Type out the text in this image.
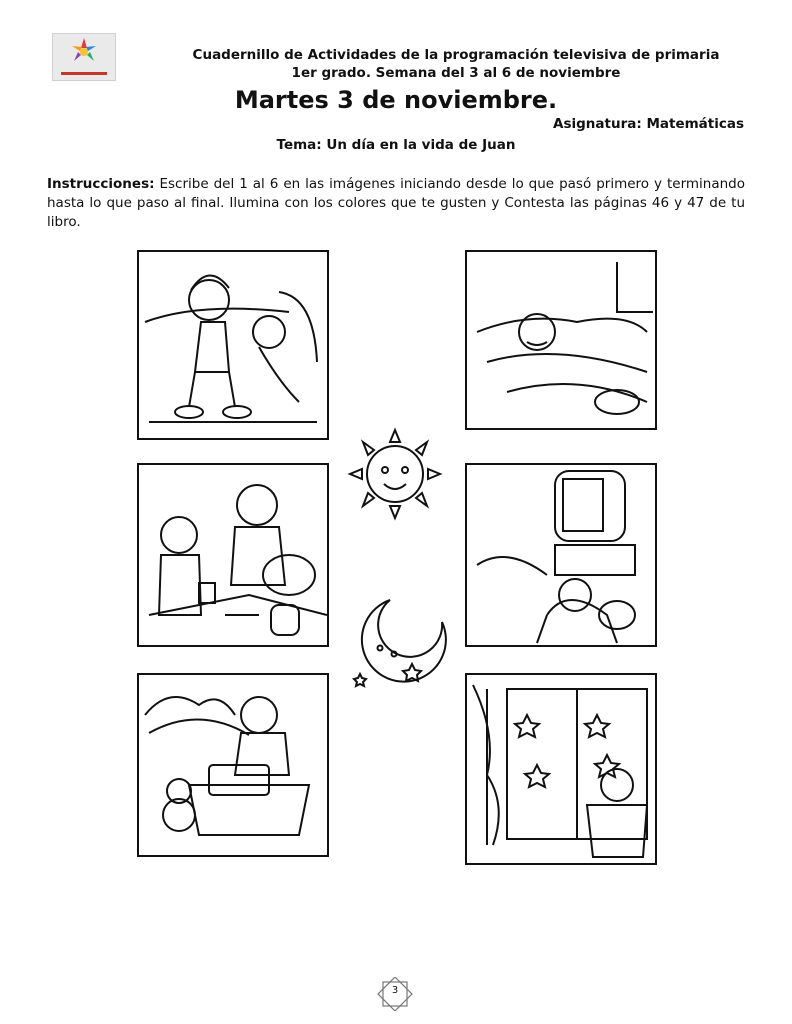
Cuadernillo de Actividades de la programación televisiva de primaria
1er grado. Semana del 3 al 6 de noviembre
Martes 3 de noviembre.
Asignatura: Matemáticas
Tema: Un día en la vida de Juan
Instrucciones: Escribe del 1 al 6 en las imágenes iniciando desde lo que pasó primero y terminando hasta lo que paso al final. Ilumina con los colores que te gusten y Contesta las páginas 46 y 47 de tu libro.
3
